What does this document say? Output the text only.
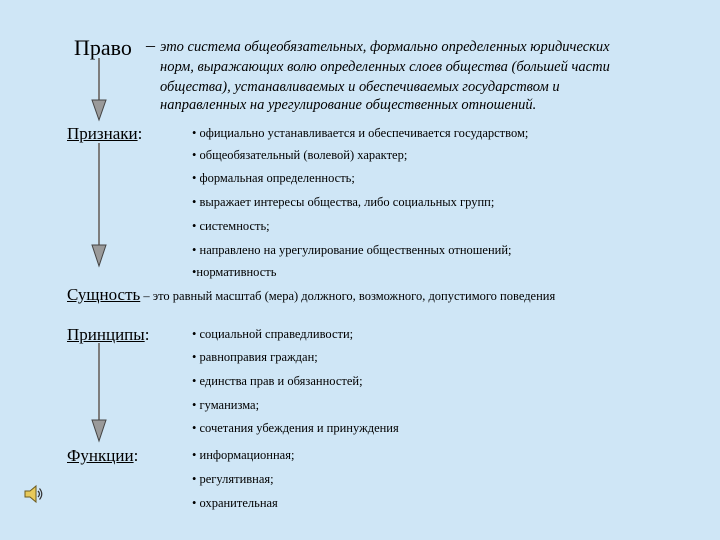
Право – это система общеобязательных, формально определенных юридических
норм, выражающих волю определенных слоев общества (большей части
общества), устанавливаемых и обеспечиваемых государством и
направленных на урегулирование общественных отношений.
Признаки:	• официально устанавливается и обеспечивается государством;
• общеобязательный (волевой) характер;
• формальная определенность;
• выражает интересы общества, либо социальных групп;
• системность;
• направлено на урегулирование общественных отношений;
•нормативность
Сущность – это равный масштаб (мера) должного, возможного, допустимого поведения
Принципы:	• социальной справедливости;
• равноправия граждан;
• единства прав и обязанностей;
• гуманизма;
• сочетания убеждения и принуждения
Функции:	• информационная;
• регулятивная;
• охранительная
